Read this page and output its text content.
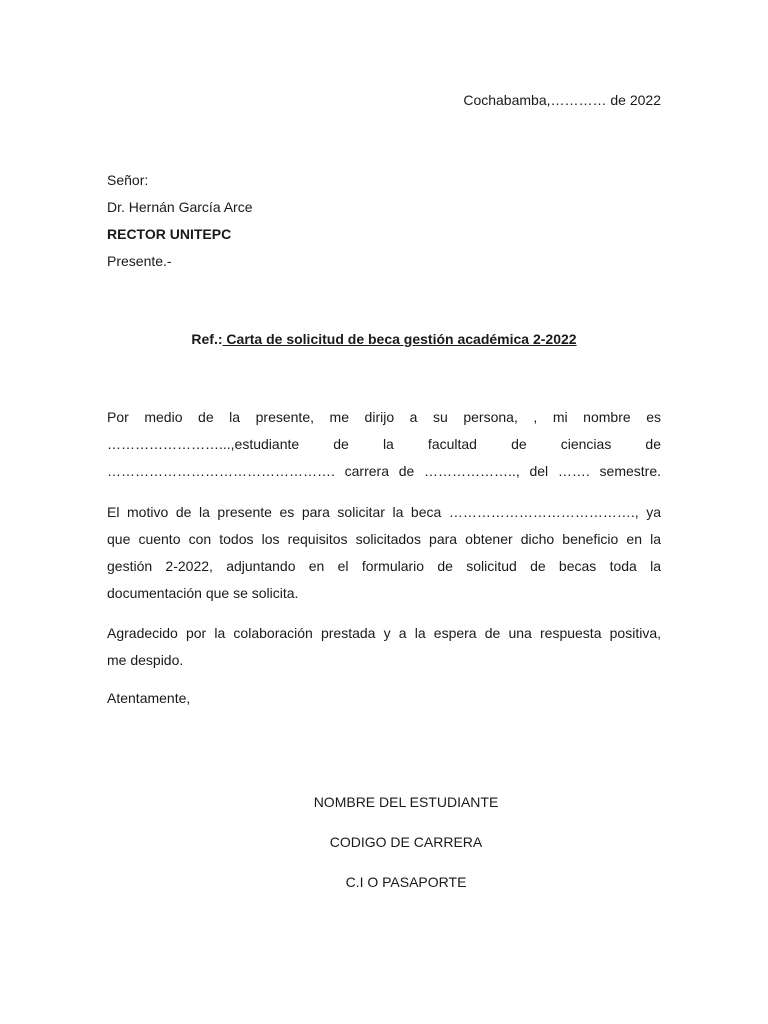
Cochabamba,………… de 2022
Señor:
Dr. Hernán García Arce
RECTOR UNITEPC
Presente.-
Ref.: Carta de solicitud de beca gestión académica 2-2022
Por medio de la presente, me dirijo a su persona, , mi nombre es
……………………...,estudiante de la facultad de ciencias de
…………………………………………. carrera de ……………….., del ……. semestre.
El motivo de la presente es para solicitar la beca …………………………………., ya
que cuento con todos los requisitos solicitados para obtener dicho beneficio en la
gestión 2-2022, adjuntando en el formulario de solicitud de becas toda la
documentación que se solicita.
Agradecido por la colaboración prestada y a la espera de una respuesta positiva,
me despido.
Atentamente,
NOMBRE DEL ESTUDIANTE
CODIGO DE CARRERA
C.I O PASAPORTE
